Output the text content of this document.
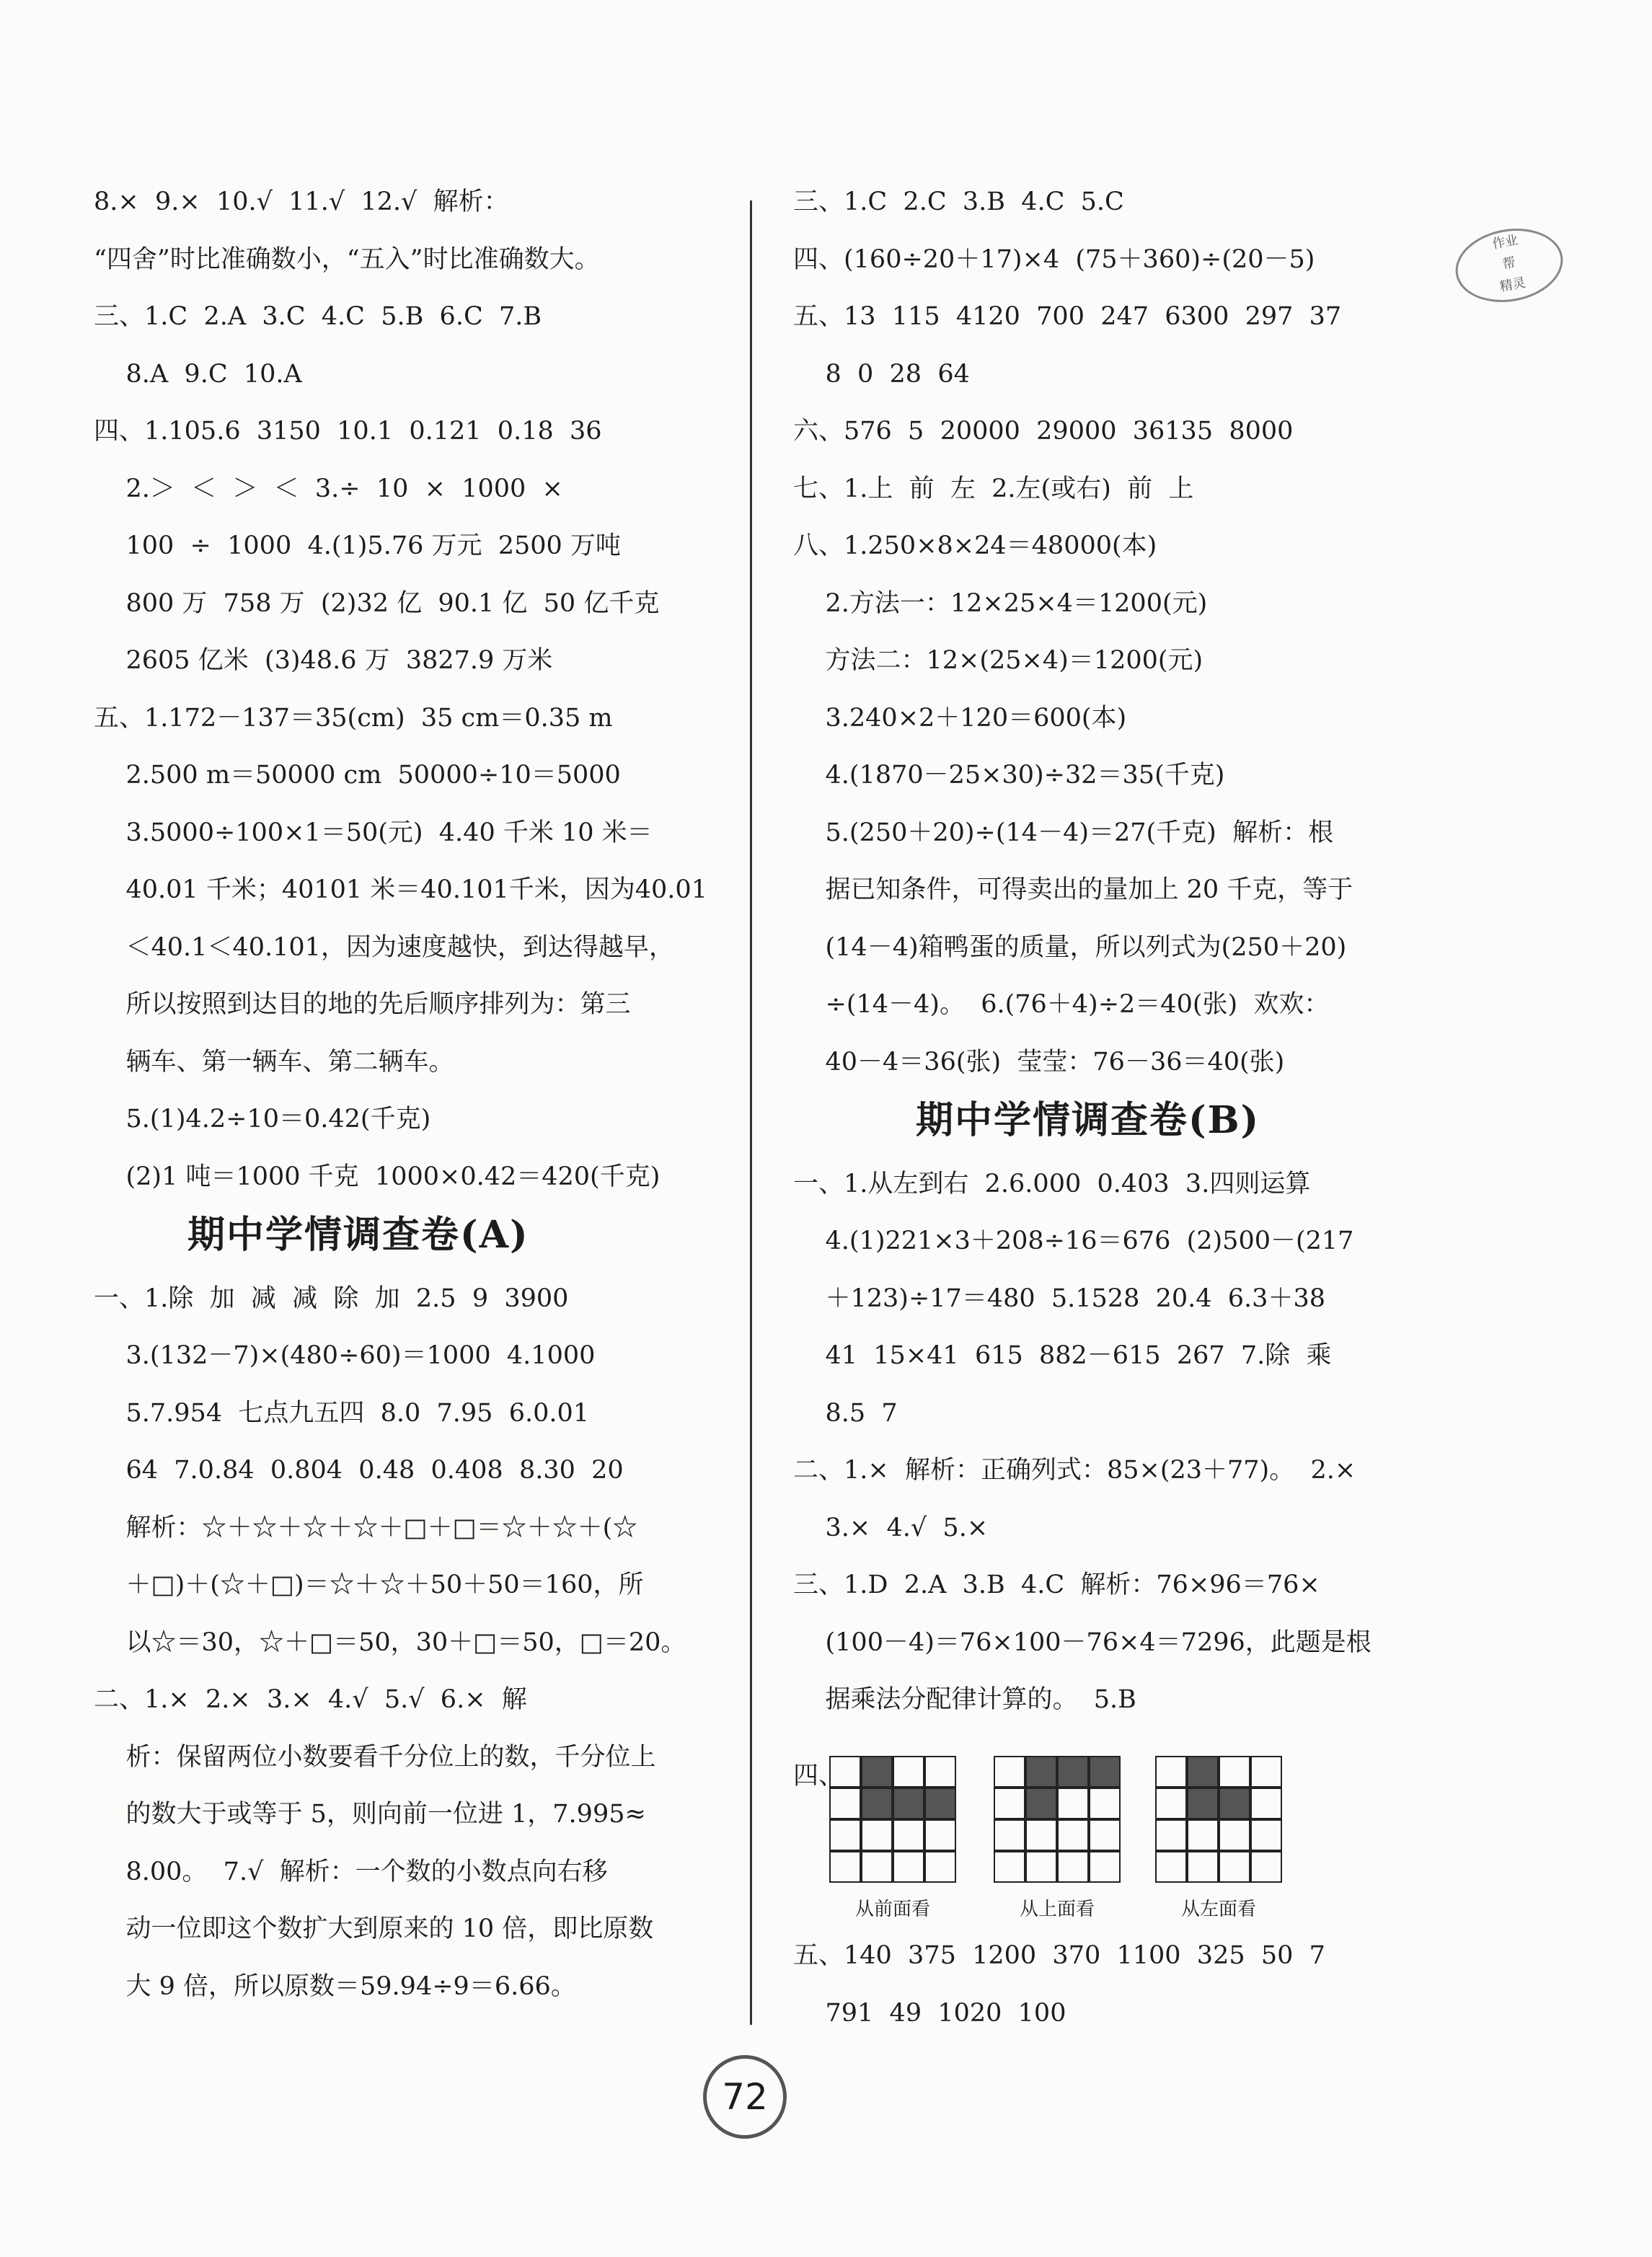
8.×  9.×  10.√  11.√  12.√  解析：
“四舍”时比准确数小，“五入”时比准确数大。
三、1.C  2.A  3.C  4.C  5.B  6.C  7.B
8.A  9.C  10.A
四、1.105.6  3150  10.1  0.121  0.18  36
2.＞  ＜  ＞  ＜  3.÷  10  ×  1000  ×
100  ÷  1000  4.(1)5.76 万元  2500 万吨
800 万  758 万  (2)32 亿  90.1 亿  50 亿千克
2605 亿米  (3)48.6 万  3827.9 万米
五、1.172－137＝35(cm)  35 cm＝0.35 m
2.500 m＝50000 cm  50000÷10＝5000
3.5000÷100×1＝50(元)  4.40 千米 10 米＝
40.01 千米；40101 米＝40.101千米，因为40.01
＜40.1＜40.101，因为速度越快，到达得越早，
所以按照到达目的地的先后顺序排列为：第三
辆车、第一辆车、第二辆车。
5.(1)4.2÷10＝0.42(千克)
(2)1 吨＝1000 千克  1000×0.42＝420(千克)
期中学情调查卷(A)
一、1.除  加  减  减  除  加  2.5  9  3900
3.(132－7)×(480÷60)＝1000  4.1000
5.7.954  七点九五四  8.0  7.95  6.0.01
64  7.0.84  0.804  0.48  0.408  8.30  20
解析：☆＋☆＋☆＋☆＋□＋□＝☆＋☆＋(☆
＋□)＋(☆＋□)＝☆＋☆＋50＋50＝160，所
以☆＝30，☆＋□＝50，30＋□＝50，□＝20。
二、1.×  2.×  3.×  4.√  5.√  6.×  解
析：保留两位小数要看千分位上的数，千分位上
的数大于或等于 5，则向前一位进 1，7.995≈
8.00。  7.√  解析：一个数的小数点向右移
动一位即这个数扩大到原来的 10 倍，即比原数
大 9 倍，所以原数＝59.94÷9＝6.66。
三、1.C  2.C  3.B  4.C  5.C
四、(160÷20＋17)×4  (75＋360)÷(20－5)
五、13  115  4120  700  247  6300  297  37
8  0  28  64
六、576  5  20000  29000  36135  8000
七、1.上  前  左  2.左(或右)  前  上
八、1.250×8×24＝48000(本)
2.方法一：12×25×4＝1200(元)
方法二：12×(25×4)＝1200(元)
3.240×2＋120＝600(本)
4.(1870－25×30)÷32＝35(千克)
5.(250＋20)÷(14－4)＝27(千克)  解析：根
据已知条件，可得卖出的量加上 20 千克，等于
(14－4)箱鸭蛋的质量，所以列式为(250＋20)
÷(14－4)。  6.(76＋4)÷2＝40(张)  欢欢：
40－4＝36(张)  莹莹：76－36＝40(张)
期中学情调查卷(B)
一、1.从左到右  2.6.000  0.403  3.四则运算
4.(1)221×3＋208÷16＝676  (2)500－(217
＋123)÷17＝480  5.1528  20.4  6.3＋38
41  15×41  615  882－615  267  7.除  乘
8.5  7
二、1.×  解析：正确列式：85×(23＋77)。  2.×
3.×  4.√  5.×
三、1.D  2.A  3.B  4.C  解析：76×96＝76×
(100－4)＝76×100－76×4＝7296，此题是根
据乘法分配律计算的。  5.B
五、140  375  1200  370  1100  325  50  7
791  49  1020  100
四、
从前面看	从上面看	从左面看
作业
帮
精灵
72
